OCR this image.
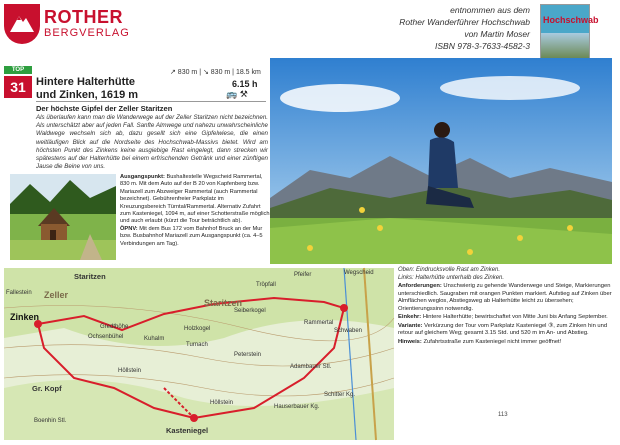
ROTHER
BERGVERLAG
entnommen aus dem
Rother Wanderführer Hochschwab
von Martin Moser
ISBN 978-3-7633-4582-3
Hochschwab
TOP
31 Hintere Halterhütte
und Zinken, 1619 m
↗ 830 m | ↘ 830 m | 18.5 km
6.15 h
🚌 ⚒
Der höchste Gipfel der Zeller Staritzen

Als überlaufen kann man die Wanderwege auf der Zeller Staritzen nicht bezeichnen. Als unterschätzt aber auf jeden Fall. Sanfte Almwege und nahezu unwahrscheinliche Waldwege wechseln sich ab, dazu gesellt sich eine Gipfelwiese, die einen weitläufigen Blick auf die Nordseite des Hochschwab-Massivs bietet. Wird am höchsten Punkt des Zinkens keine ausgiebige Rast eingelegt, dann strecken wir spätestens auf der Halterhütte bei einem erfrischenden Getränk und einer zünftigen Jause die Beine von uns.

Ausgangspunkt: Bushaltestelle Wegscheid Rammertal, 830 m. Mit dem Auto auf der B 20 von Kapfenberg bzw. Mariazell zum Abzweiger Rammertal (auch Rammertal bezeichnet). Gebührenfreier Parkplatz im Kreuzungsbereich Türntal/Rammertal. Alternativ Zufahrt zum Kasteniegel, 1094 m, auf einer Schotterstraße möglich und auch erlaubt (kürzt die Tour beträchtlich ab).
ÖPNV: Mit dem Bus 172 vom Bahnhof Bruck an der Mur bzw. Busbahnhof Mariazell zum Ausgangspunkt (ca. 4–5 Verbindungen am Tag).
Oben: Eindrucksvolle Rast am Zinken.
Links: Halterhütte unterhalb des Zinken.

Anforderungen: Unschwierig zu gehende Wanderwege und Steige, Markierungen unterschiedlich. Saugraben mit orangen Punkten markiert. Aufstieg auf Zinken über Almflächen weglos, Abstiegsweg ab Halterhütte leicht zu übersehen; Orientierungssinn notwendig.

Einkehr: Hintere Halterhütte; bewirtschaftet von Mitte Juni bis Anfang September.

Variante: Verkürzung der Tour vom Parkplatz Kasteniegel ③, zum Zinken hin und retour auf gleichem Weg; gesamt 3.15 Std. und 520 m im An- und Abstieg.

Hinweis: Zufahrtsstraße zum Kasteniegel nicht immer geöffnet!

113
Staritzen
Zinken
Gr. Kopf
Kasteniegel
Fallestein
Rammertal
Zeller
Staritzen
Wegscheid
Turnach
Holzkogel
Gredthöhe
Ochsenbühel
Schwaben
Adambauer Stl.
Hauserbauer Kg.
Schitter Kg.
Höllstein
Seiberkogel
Peterstein
Pfeifer
Tröpfall
Kuhalm
Höllstein
Boenhin Stl.
